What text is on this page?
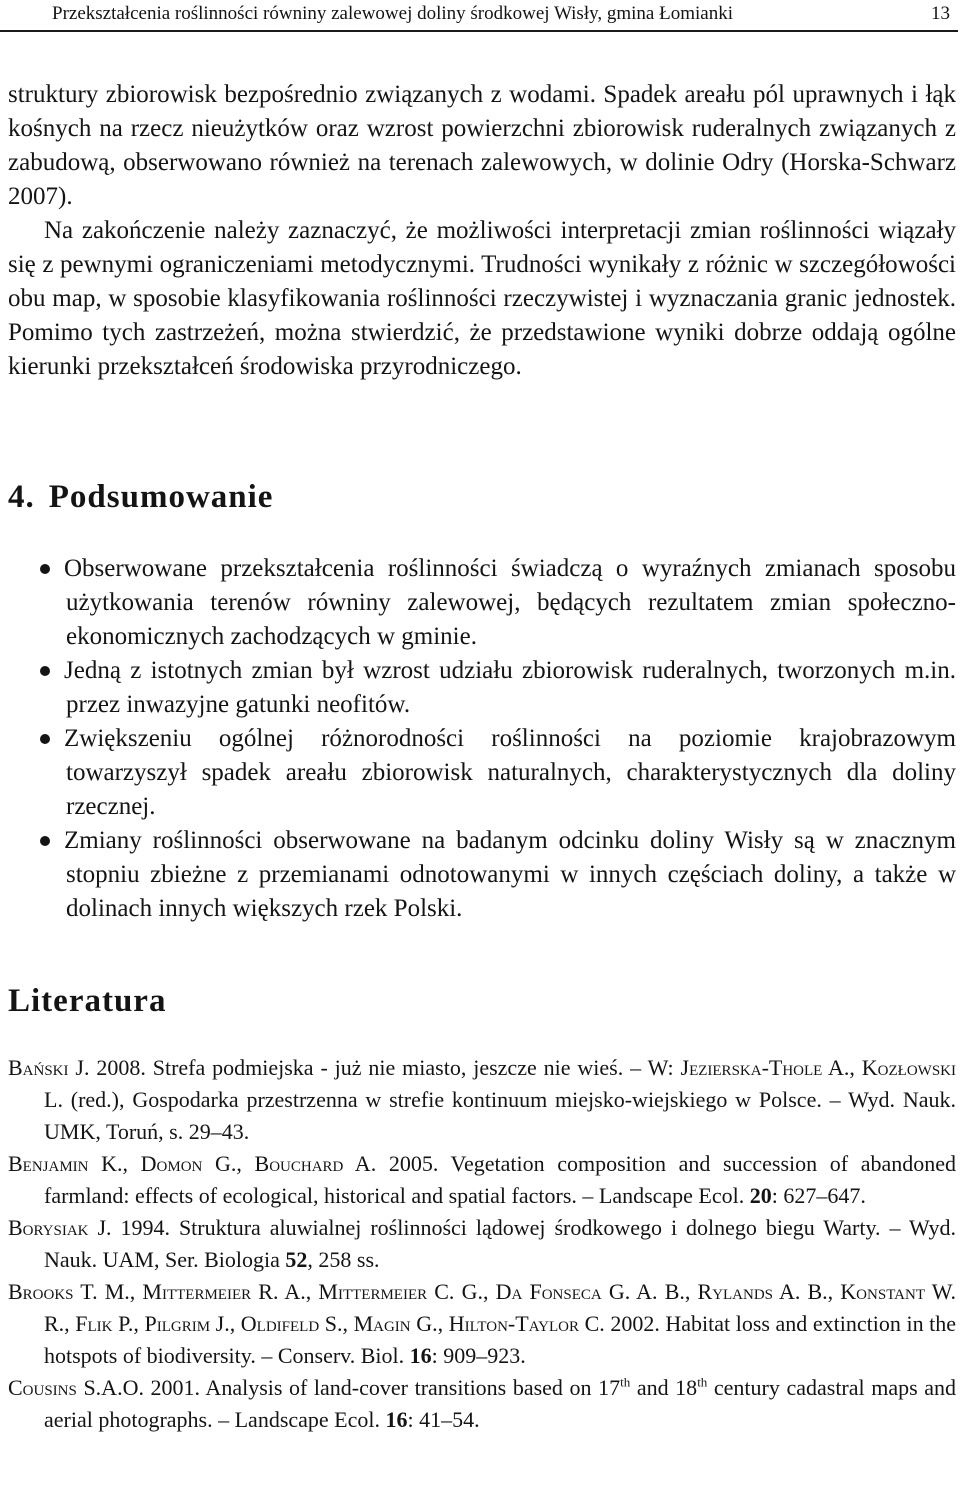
Przekształcenia roślinności równiny zalewowej doliny środkowej Wisły, gmina Łomianki	13

struktury zbiorowisk bezpośrednio związanych z wodami. Spadek areału pól uprawnych i łąk kośnych na rzecz nieużytków oraz wzrost powierzchni zbiorowisk ruderalnych związanych z zabudową, obserwowano również na terenach zalewowych, w dolinie Odry (Horska-Schwarz 2007).

Na zakończenie należy zaznaczyć, że możliwości interpretacji zmian roślinności wiązały się z pewnymi ograniczeniami metodycznymi. Trudności wynikały z różnic w szczegółowości obu map, w sposobie klasyfikowania roślinności rzeczywistej i wyznaczania granic jednostek. Pomimo tych zastrzeżeń, można stwierdzić, że przedstawione wyniki dobrze oddają ogólne kierunki przekształceń środowiska przyrodniczego.

4. Podsumowanie
Obserwowane przekształcenia roślinności świadczą o wyraźnych zmianach sposobu użytkowania terenów równiny zalewowej, będących rezultatem zmian społeczno-ekonomicznych zachodzących w gminie.
Jedną z istotnych zmian był wzrost udziału zbiorowisk ruderalnych, tworzonych m.in. przez inwazyjne gatunki neofitów.
Zwiększeniu ogólnej różnorodności roślinności na poziomie krajobrazowym towarzyszył spadek areału zbiorowisk naturalnych, charakterystycznych dla doliny rzecznej.
Zmiany roślinności obserwowane na badanym odcinku doliny Wisły są w znacznym stopniu zbieżne z przemianami odnotowanymi w innych częściach doliny, a także w dolinach innych większych rzek Polski.
Literatura
Bański J. 2008. Strefa podmiejska - już nie miasto, jeszcze nie wieś. – W: Jezierska-Thole A., Kozłowski L. (red.), Gospodarka przestrzenna w strefie kontinuum miejsko-wiejskiego w Polsce. – Wyd. Nauk. UMK, Toruń, s. 29–43.
Benjamin K., Domon G., Bouchard A. 2005. Vegetation composition and succession of abandoned farmland: effects of ecological, historical and spatial factors. – Landscape Ecol. 20: 627–647.
Borysiak J. 1994. Struktura aluwialnej roślinności lądowej środkowego i dolnego biegu Warty. – Wyd. Nauk. UAM, Ser. Biologia 52, 258 ss.
Brooks T. M., Mittermeier R. A., Mittermeier C. G., Da Fonseca G. A. B., Rylands A. B., Konstant W. R., Flik P., Pilgrim J., Oldifeld S., Magin G., Hilton-Taylor C. 2002. Habitat loss and extinction in the hotspots of biodiversity. – Conserv. Biol. 16: 909–923.
Cousins S.A.O. 2001. Analysis of land-cover transitions based on 17th and 18th century cadastral maps and aerial photographs. – Landscape Ecol. 16: 41–54.
